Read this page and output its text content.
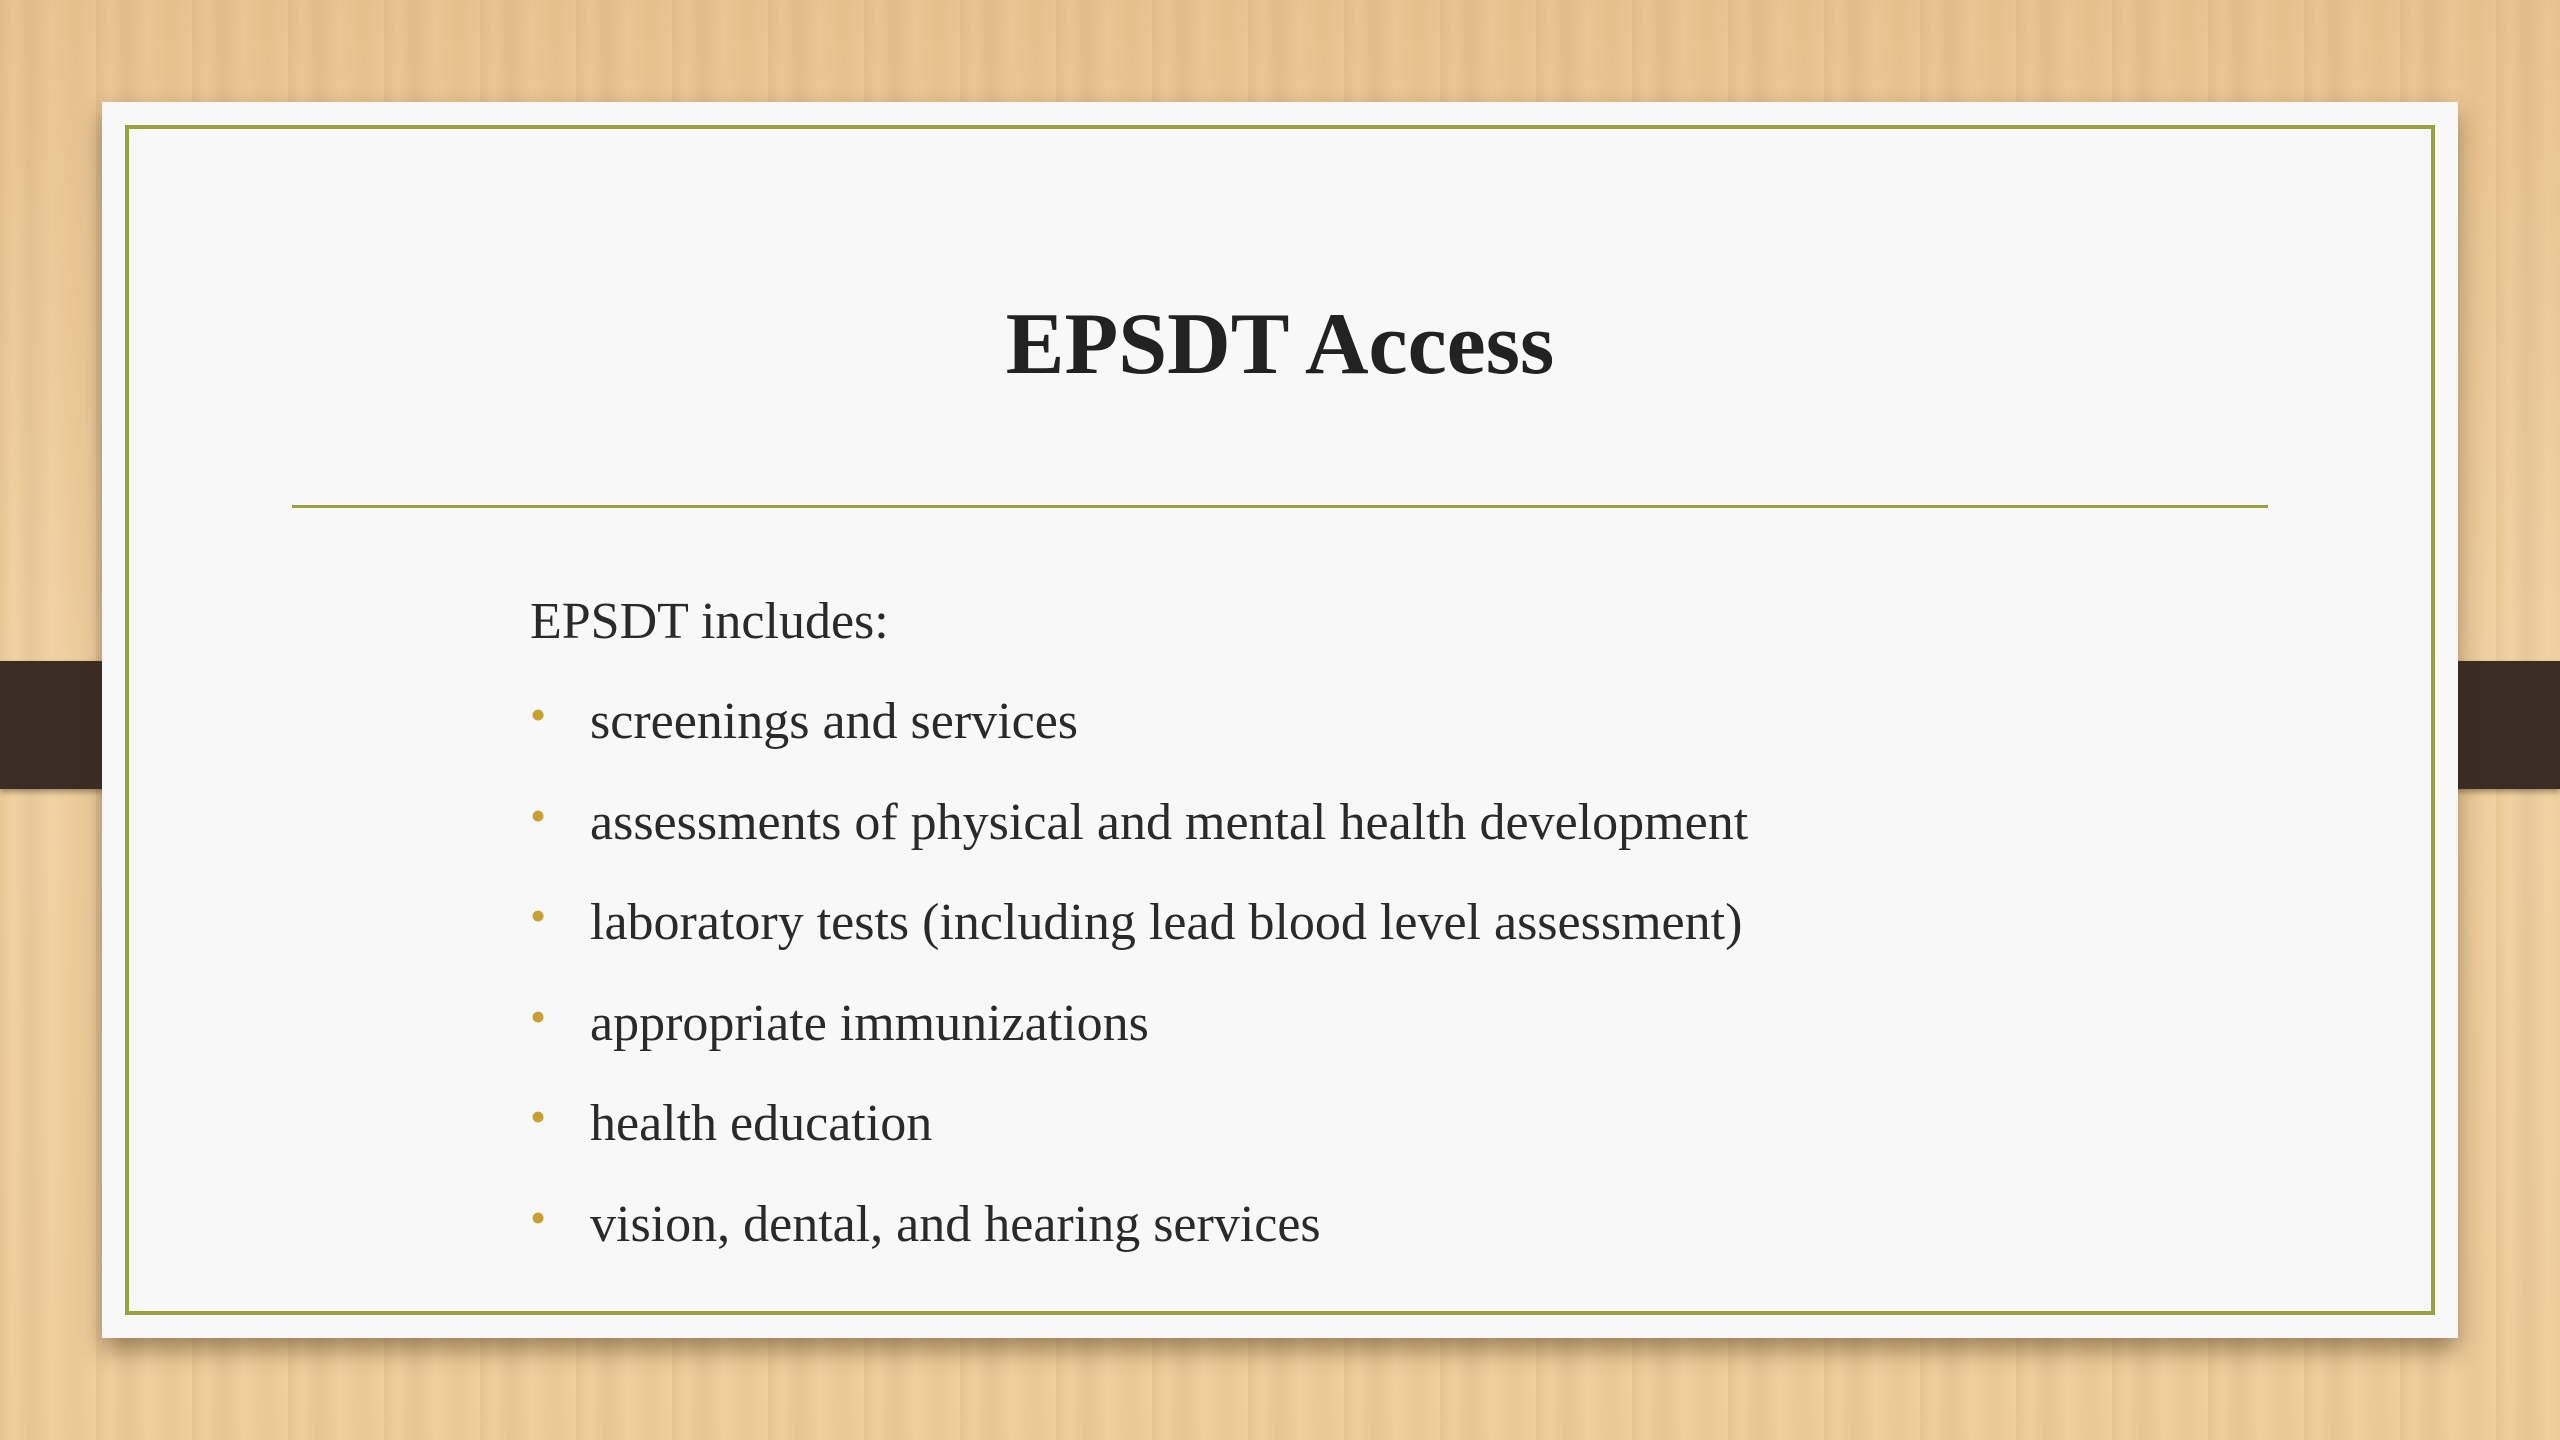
EPSDT Access

EPSDT includes:

• screenings and services
• assessments of physical and mental health development
• laboratory tests (including lead blood level assessment)
• appropriate immunizations
• health education
• vision, dental, and hearing services
